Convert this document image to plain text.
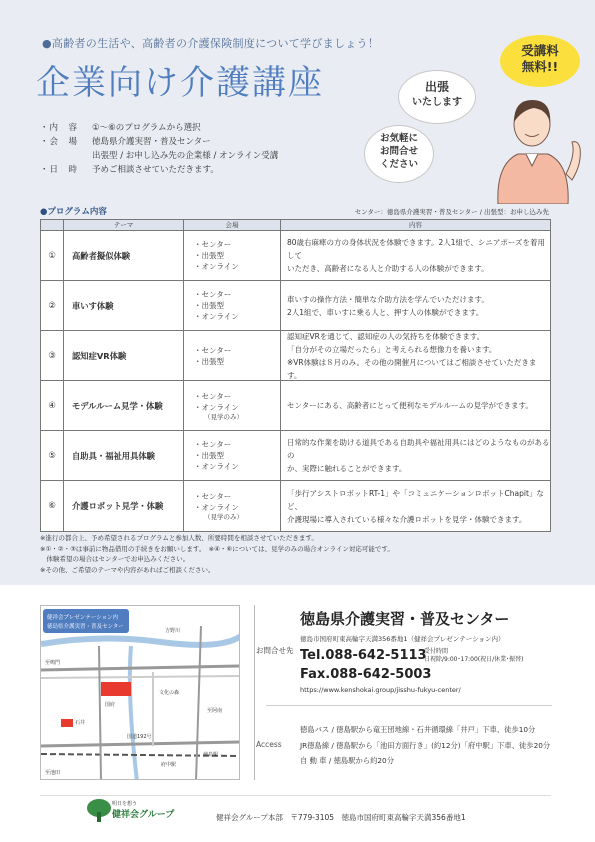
●高齢者の生活や、高齢者の介護保険制度について学びましょう！
企業向け介護講座
受講料
無料!!
出張
いたします
お気軽に
お問合せ
ください
・内　容	①～⑥のプログラムから選択
・会　場	徳島県介護実習・普及センター
出張型 / お申し込み先の企業様 / オンライン受講
・日　時	予めご相談させていただきます。
●プログラム内容	センター：徳島県介護実習・普及センター / 出張型：お申し込み先
テーマ	会場	内容
①	高齢者擬似体験
・センター
・出張型
・オンライン
80歳右麻痺の方の身体状況を体験できます。2人1組で、シニアポーズを着用して
いただき、高齢者になる人と介助する人の体験ができます。
②	車いす体験
・センター
・出張型
・オンライン
車いすの操作方法・簡単な介助方法を学んでいただけます。
2人1組で、車いすに乗る人と、押す人の体験ができます。
③	認知症VR体験
・センター
・出張型
認知症VRを通じて、認知症の人の気持ちを体験できます。
「自分がその立場だったら」と考えられる想像力を養います。
※VR体験は８月のみ。その他の開催月についてはご相談させていただきます。
④	モデルルーム見学・体験
・センター
・オンライン
（見学のみ）
センターにある、高齢者にとって便利なモデルルームの見学ができます。
⑤	自助具・福祉用具体験
・センター
・出張型
・オンライン
日常的な作業を助ける道具である自助具や福祉用具にはどのようなものがあるの
か、実際に触れることができます。
⑥	介護ロボット見学・体験
・センター
・オンライン
（見学のみ）
「歩行アシストロボットRT-1」や「コミュニケーションロボットChapit」など、
介護現場に導入されている様々な介護ロボットを見学・体験できます。
※進行の都合上、予め希望されるプログラムと参加人数、所要時間を相談させていただきます。
※①・②・③は事前に物品借用の手続きをお願いします。　※④・⑥については、見学のみの場合オンライン対応可能です。
　体験希望の場合はセンターでお申込みください。
※その他、ご希望のテーマや内容があればご相談ください。
健祥会プレゼンテーション内
徳島県介護実習・普及センター
吉野川
至鳴門
国府
文化の森
国道192号
至池田
徳島駅
府中駅
至阿南
石井
お問合せ先
徳島県介護実習・普及センター
徳島市国府町東高輪字天満356番地1（健祥会プレゼンテーション内）
Tel.088-642-5113
受付時間
日祝除/9:00･17:00(祝日/休業･振替)
Fax.088-642-5003
https://www.kenshokai.group/jisshu-fukyu-center/
Access
徳島バス / 徳島駅から竜王団地線・石井循環線「井戸」下車、徒歩10分
JR徳島線 / 徳島駅から「池田方面行き」(約12分)「府中駅」下車、徒歩20分
自 動 車 / 徳島駅から約20分
明日を想う
健祥会グループ	健祥会グループ本部　〒779-3105　徳島市国府町東高輪字天満356番地1
